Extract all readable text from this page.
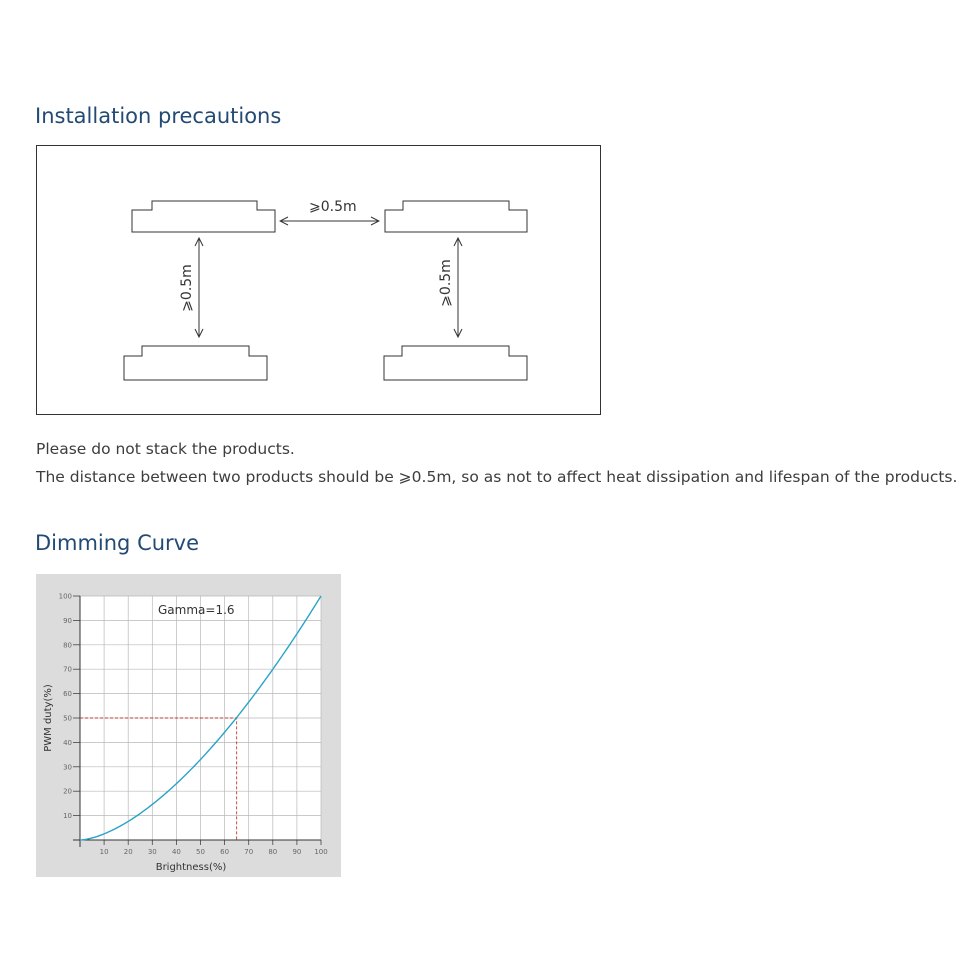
Installation precautions
⩾0.5m
⩾0.5m	⩾0.5m

Please do not stack the products.

The distance between two products should be ⩾0.5m, so as not to affect heat dissipation and lifespan of the products.

Dimming Curve
10 20 30 40 50 60 70 80 90 100
10
20
30
40
50
60
70
80
90
100
Gamma=1.6
Brightness(%)
PWM duty(%)
